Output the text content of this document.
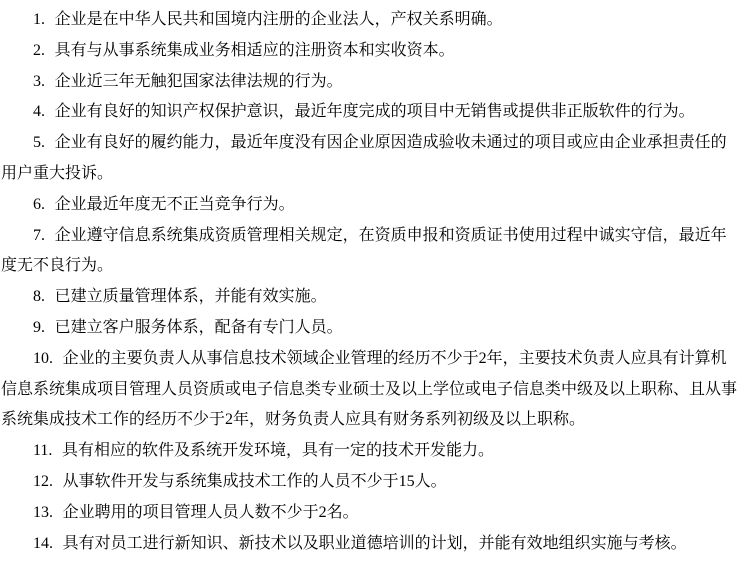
1. 企业是在中华人民共和国境内注册的企业法人，产权关系明确。

2. 具有与从事系统集成业务相适应的注册资本和实收资本。

3. 企业近三年无触犯国家法律法规的行为。

4. 企业有良好的知识产权保护意识，最近年度完成的项目中无销售或提供非正版软件的行为。

5. 企业有良好的履约能力，最近年度没有因企业原因造成验收未通过的项目或应由企业承担责任的用户重大投诉。

6. 企业最近年度无不正当竞争行为。

7. 企业遵守信息系统集成资质管理相关规定，在资质申报和资质证书使用过程中诚实守信，最近年度无不良行为。

8. 已建立质量管理体系，并能有效实施。

9. 已建立客户服务体系，配备有专门人员。

10. 企业的主要负责人从事信息技术领域企业管理的经历不少于2年，主要技术负责人应具有计算机信息系统集成项目管理人员资质或电子信息类专业硕士及以上学位或电子信息类中级及以上职称、且从事系统集成技术工作的经历不少于2年，财务负责人应具有财务系列初级及以上职称。

11. 具有相应的软件及系统开发环境，具有一定的技术开发能力。

12. 从事软件开发与系统集成技术工作的人员不少于15人。

13. 企业聘用的项目管理人员人数不少于2名。

14. 具有对员工进行新知识、新技术以及职业道德培训的计划，并能有效地组织实施与考核。
